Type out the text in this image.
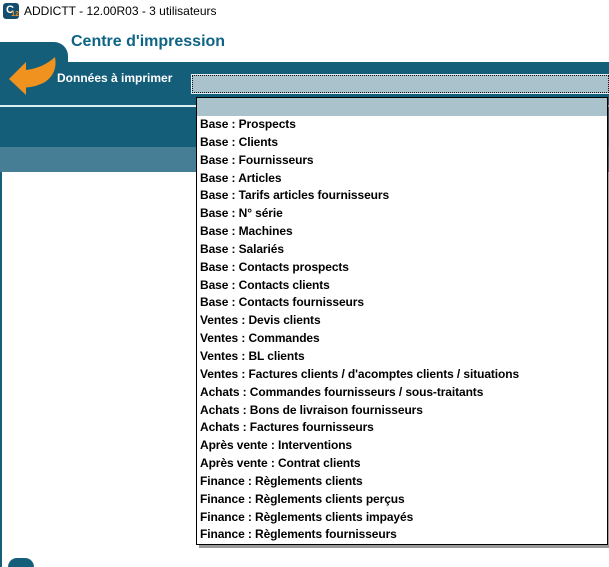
C
12 ADDICTT - 12.00R03 - 3 utilisateurs
Centre d'impression
Données à imprimer
Base : Prospects
Base : Clients
Base : Fournisseurs
Base : Articles
Base : Tarifs articles fournisseurs
Base : N° série
Base : Machines
Base : Salariés
Base : Contacts prospects
Base : Contacts clients
Base : Contacts fournisseurs
Ventes : Devis clients
Ventes : Commandes
Ventes : BL clients
Ventes : Factures clients / d'acomptes clients / situations
Achats : Commandes fournisseurs / sous-traitants
Achats : Bons de livraison fournisseurs
Achats : Factures fournisseurs
Après vente : Interventions
Après vente : Contrat clients
Finance : Règlements clients
Finance : Règlements clients perçus
Finance : Règlements clients impayés
Finance : Règlements fournisseurs
